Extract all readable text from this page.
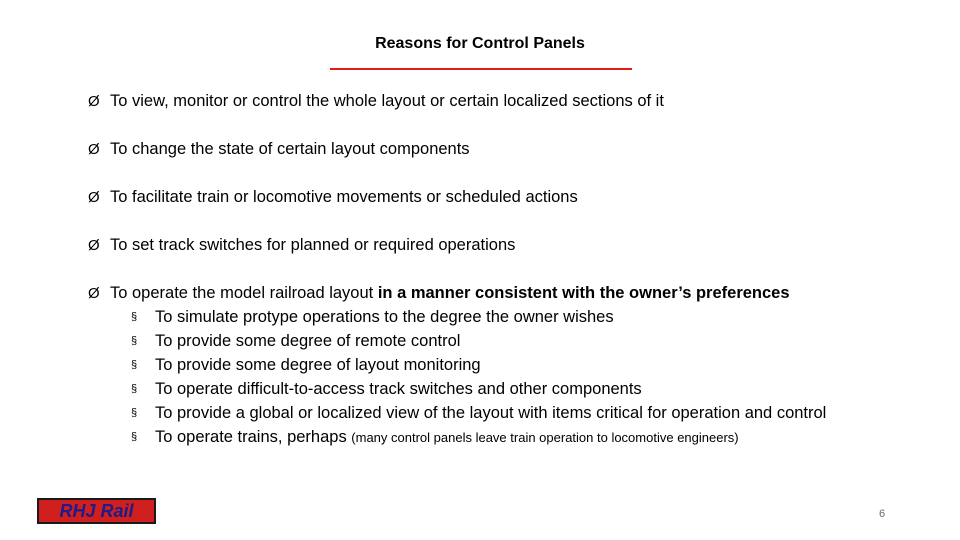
Reasons for Control Panels
Ø To view, monitor or control the whole layout or certain localized sections of it
Ø To change the state of certain layout components
Ø To facilitate train or locomotive movements or scheduled actions
Ø To set track switches for planned or required operations
Ø To operate the model railroad layout in a manner consistent with the owner’s preferences
§ To simulate protype operations to the degree the owner wishes
§ To provide some degree of remote control
§ To provide some degree of layout monitoring
§ To operate difficult-to-access track switches and other components
§ To provide a global or localized view of the layout with items critical for operation and control
§ To operate trains, perhaps (many control panels leave train operation to locomotive engineers)
RHJ Rail	6
